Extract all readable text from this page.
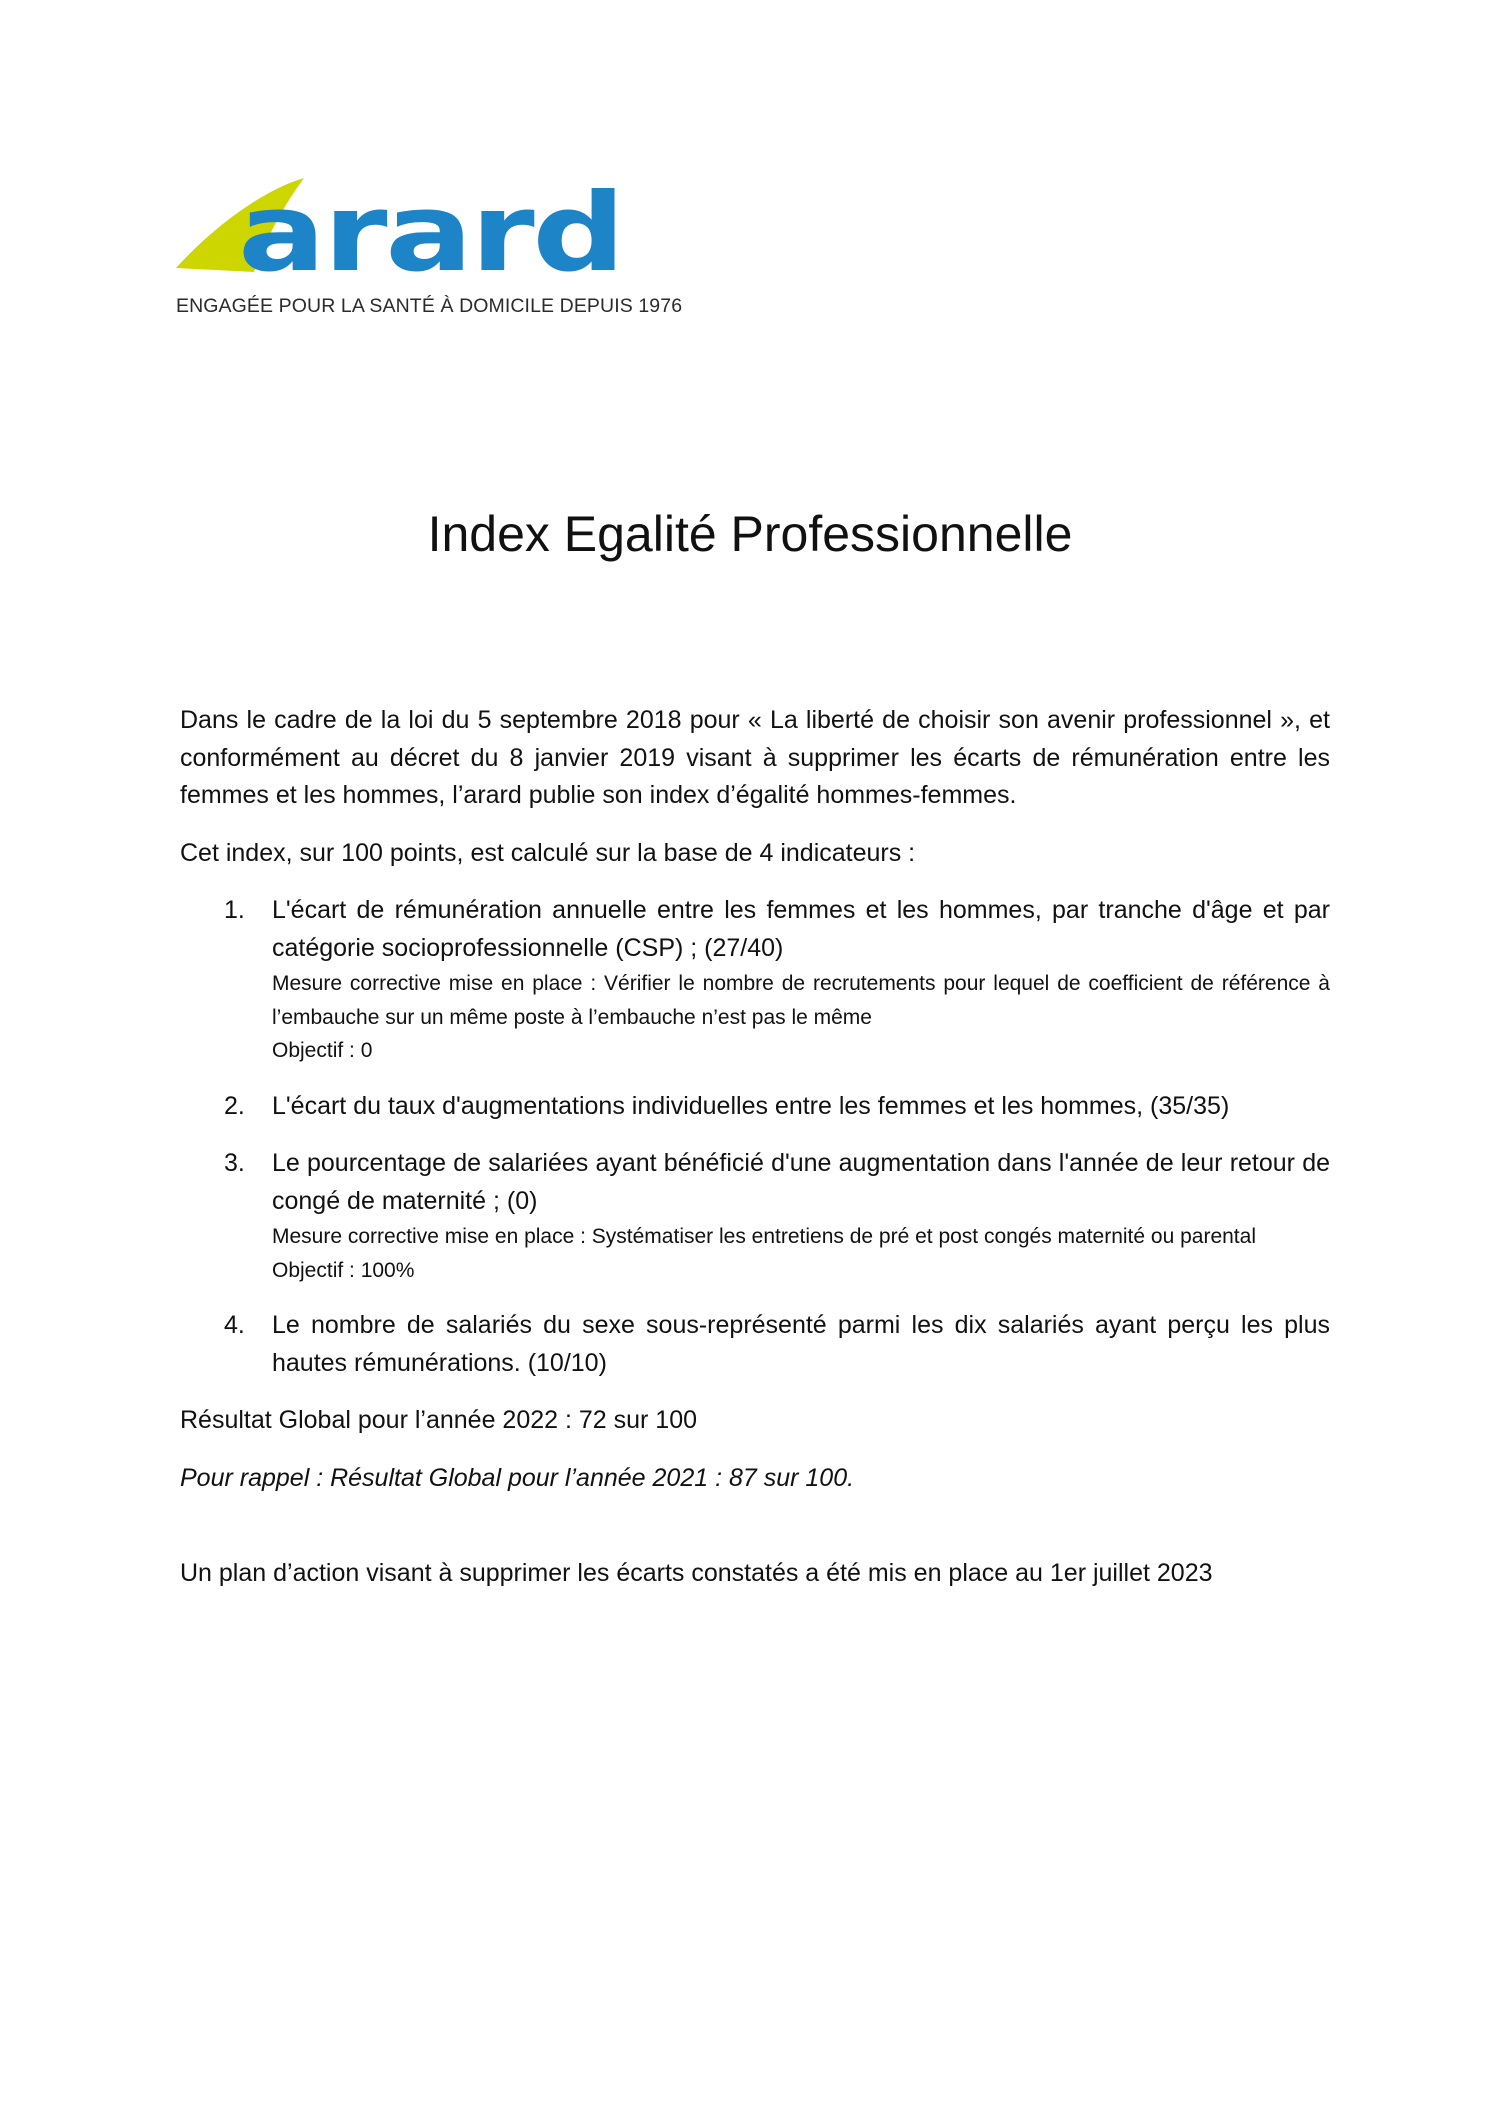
arard
ENGAGÉE POUR LA SANTÉ À DOMICILE DEPUIS 1976
Index Egalité Professionnelle

Dans le cadre de la loi du 5 septembre 2018 pour « La liberté de choisir son avenir professionnel », et conformément au décret du 8 janvier 2019 visant à supprimer les écarts de rémunération entre les femmes et les hommes, l’arard publie son index d’égalité hommes-femmes.

Cet index, sur 100 points, est calculé sur la base de 4 indicateurs :

1. L'écart de rémunération annuelle entre les femmes et les hommes, par tranche d'âge et par catégorie socioprofessionnelle (CSP) ; (27/40)

Mesure corrective mise en place : Vérifier le nombre de recrutements pour lequel de coefficient de référence à l’embauche sur un même poste à l’embauche n’est pas le même

Objectif : 0

2. L'écart du taux d'augmentations individuelles entre les femmes et les hommes, (35/35)

3. Le pourcentage de salariées ayant bénéficié d'une augmentation dans l'année de leur retour de congé de maternité ; (0)

Mesure corrective mise en place : Systématiser les entretiens de pré et post congés maternité ou parental

Objectif : 100%

4. Le nombre de salariés du sexe sous-représenté parmi les dix salariés ayant perçu les plus hautes rémunérations. (10/10)

Résultat Global pour l’année 2022 : 72 sur 100

Pour rappel : Résultat Global pour l’année 2021 : 87 sur 100.

Un plan d’action visant à supprimer les écarts constatés a été mis en place au 1er juillet 2023
